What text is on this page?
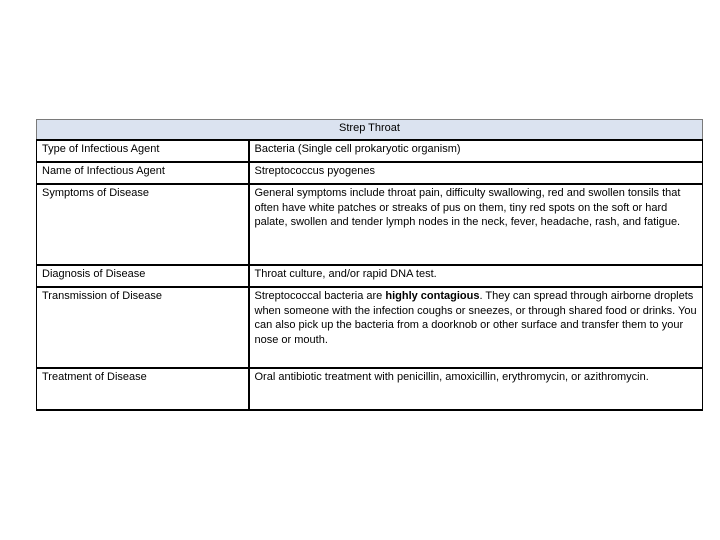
Strep Throat	
Type of Infectious Agent	Bacteria (Single cell prokaryotic organism)
Name of Infectious Agent	Streptococcus pyogenes
Symptoms of Disease	General symptoms include throat pain, difficulty swallowing, red and swollen tonsils that often have white patches or streaks of pus on them, tiny red spots on the soft or hard palate, swollen and tender lymph nodes in the neck, fever, headache, rash, and fatigue.
Diagnosis of Disease	Throat culture, and/or rapid DNA test.
Transmission of Disease	Streptococcal bacteria are highly contagious. They can spread through airborne droplets when someone with the infection coughs or sneezes, or through shared food or drinks. You can also pick up the bacteria from a doorknob or other surface and transfer them to your nose or mouth.
Treatment of Disease	Oral antibiotic treatment with penicillin, amoxicillin, erythromycin, or azithromycin.
